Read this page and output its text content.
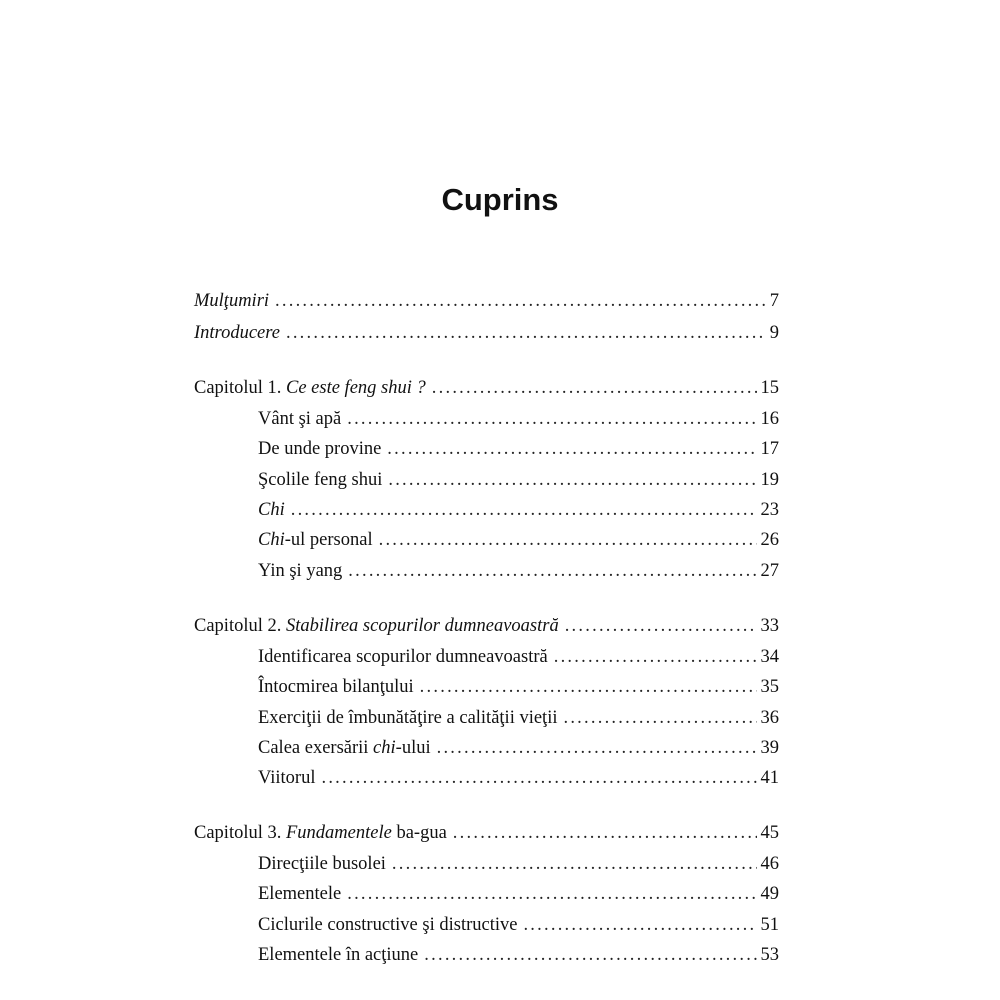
Cuprins
Mulţumiri . . .	7
Introducere . . .	9
Capitolul 1. Ce este feng shui ? . . .	15
Vânt şi apă . . .	16
De unde provine . . .	17
Şcolile feng shui . . .	19
Chi . . .	23
Chi-ul personal . . .	26
Yin şi yang . . .	27
Capitolul 2. Stabilirea scopurilor dumneavoastră . . .	33
Identificarea scopurilor dumneavoastră . . .	34
Întocmirea bilanţului . . .	35
Exerciţii de îmbunătăţire a calităţii vieţii . . .	36
Calea exersării chi-ului . . .	39
Viitorul . . .	41
Capitolul 3. Fundamentele ba-gua . . .	45
Direcţiile busolei . . .	46
Elementele . . .	49
Ciclurile constructive şi distructive . . .	51
Elementele în acţiune . . .	53
